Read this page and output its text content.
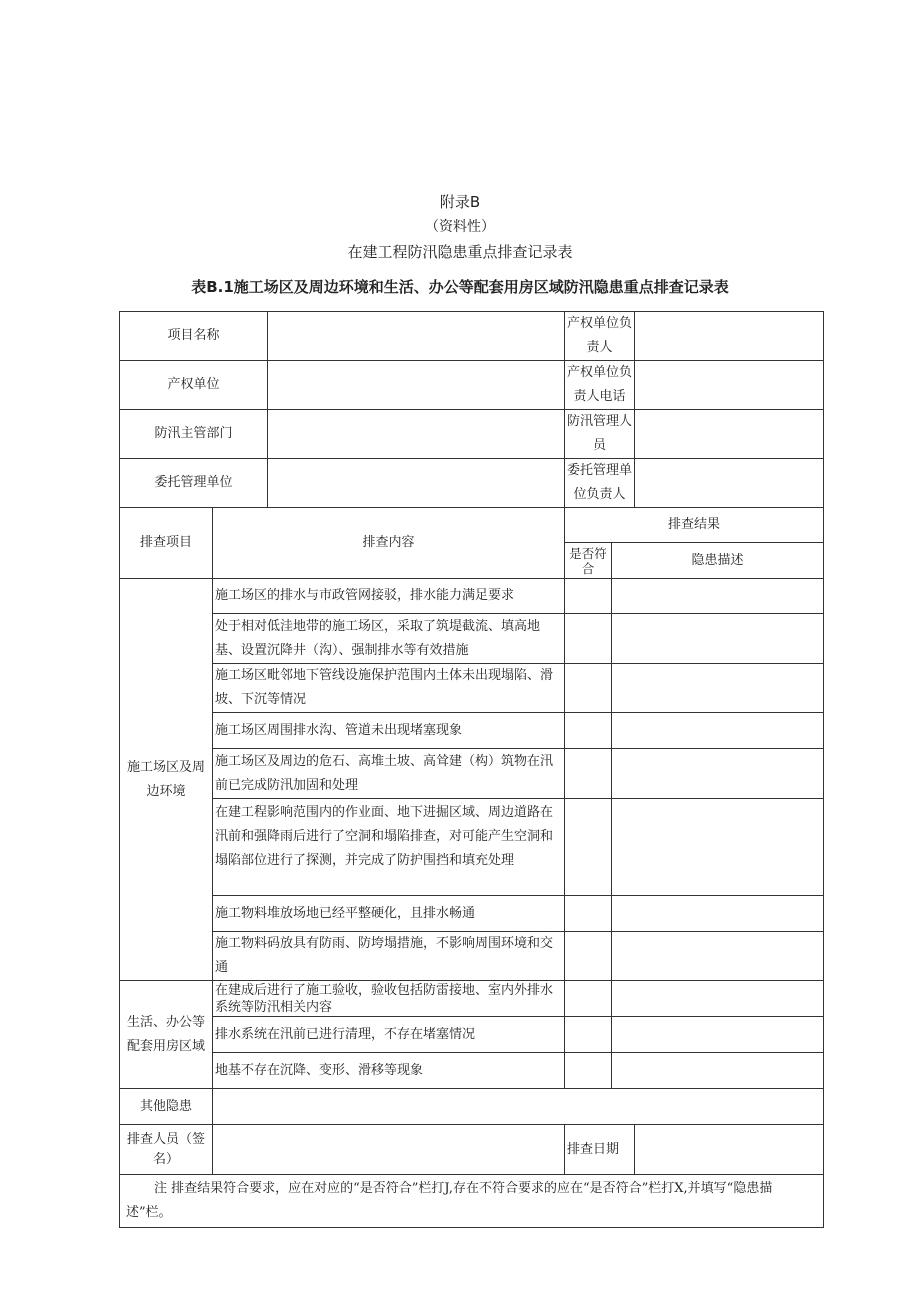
附录B
（资料性）
在建工程防汛隐患重点排查记录表
表B.1施工场区及周边环境和生活、办公等配套用房区域防汛隐患重点排查记录表
项目名称			产权单位负责人		
产权单位			产权单位负责人电话		
防汛主管部门			防汛管理人员		
委托管理单位			委托管理单位负责人		
排查项目	排查内容		排查结果		
			是否符合	隐患描述	
施工场区及周边环境	施工场区的排水与市政管网接驳，排水能力满足要求				
	处于相对低洼地带的施工场区，采取了筑堤截流、填高地基、设置沉降井（沟）、强制排水等有效措施				
	施工场区毗邻地下管线设施保护范围内土体未出现塌陷、滑坡、下沉等情况				
	施工场区周围排水沟、管道未出现堵塞现象				
	施工场区及周边的危石、高堆土坡、高耸建（构）筑物在汛前已完成防汛加固和处理				
	在建工程影响范围内的作业面、地下进掘区域、周边道路在汛前和强降雨后进行了空洞和塌陷排查，对可能产生空洞和塌陷部位进行了探测，并完成了防护围挡和填充处理				
	施工物料堆放场地已经平整硬化，且排水畅通				
	施工物料码放具有防雨、防垮塌措施，不影响周围环境和交通				
生活、办公等配套用房区域	在建成后进行了施工验收，验收包括防雷接地、室内外排水系统等防汛相关内容				
	排水系统在汛前已进行清理，不存在堵塞情况				
	地基不存在沉降、变形、滑移等现象				
其他隐患					
排查人员（签名）			排查日期		
注 排查结果符合要求，应在对应的“是否符合”栏打J,存在不符合要求的应在“是否符合”栏打X,并填写“隐患描述”栏。					
